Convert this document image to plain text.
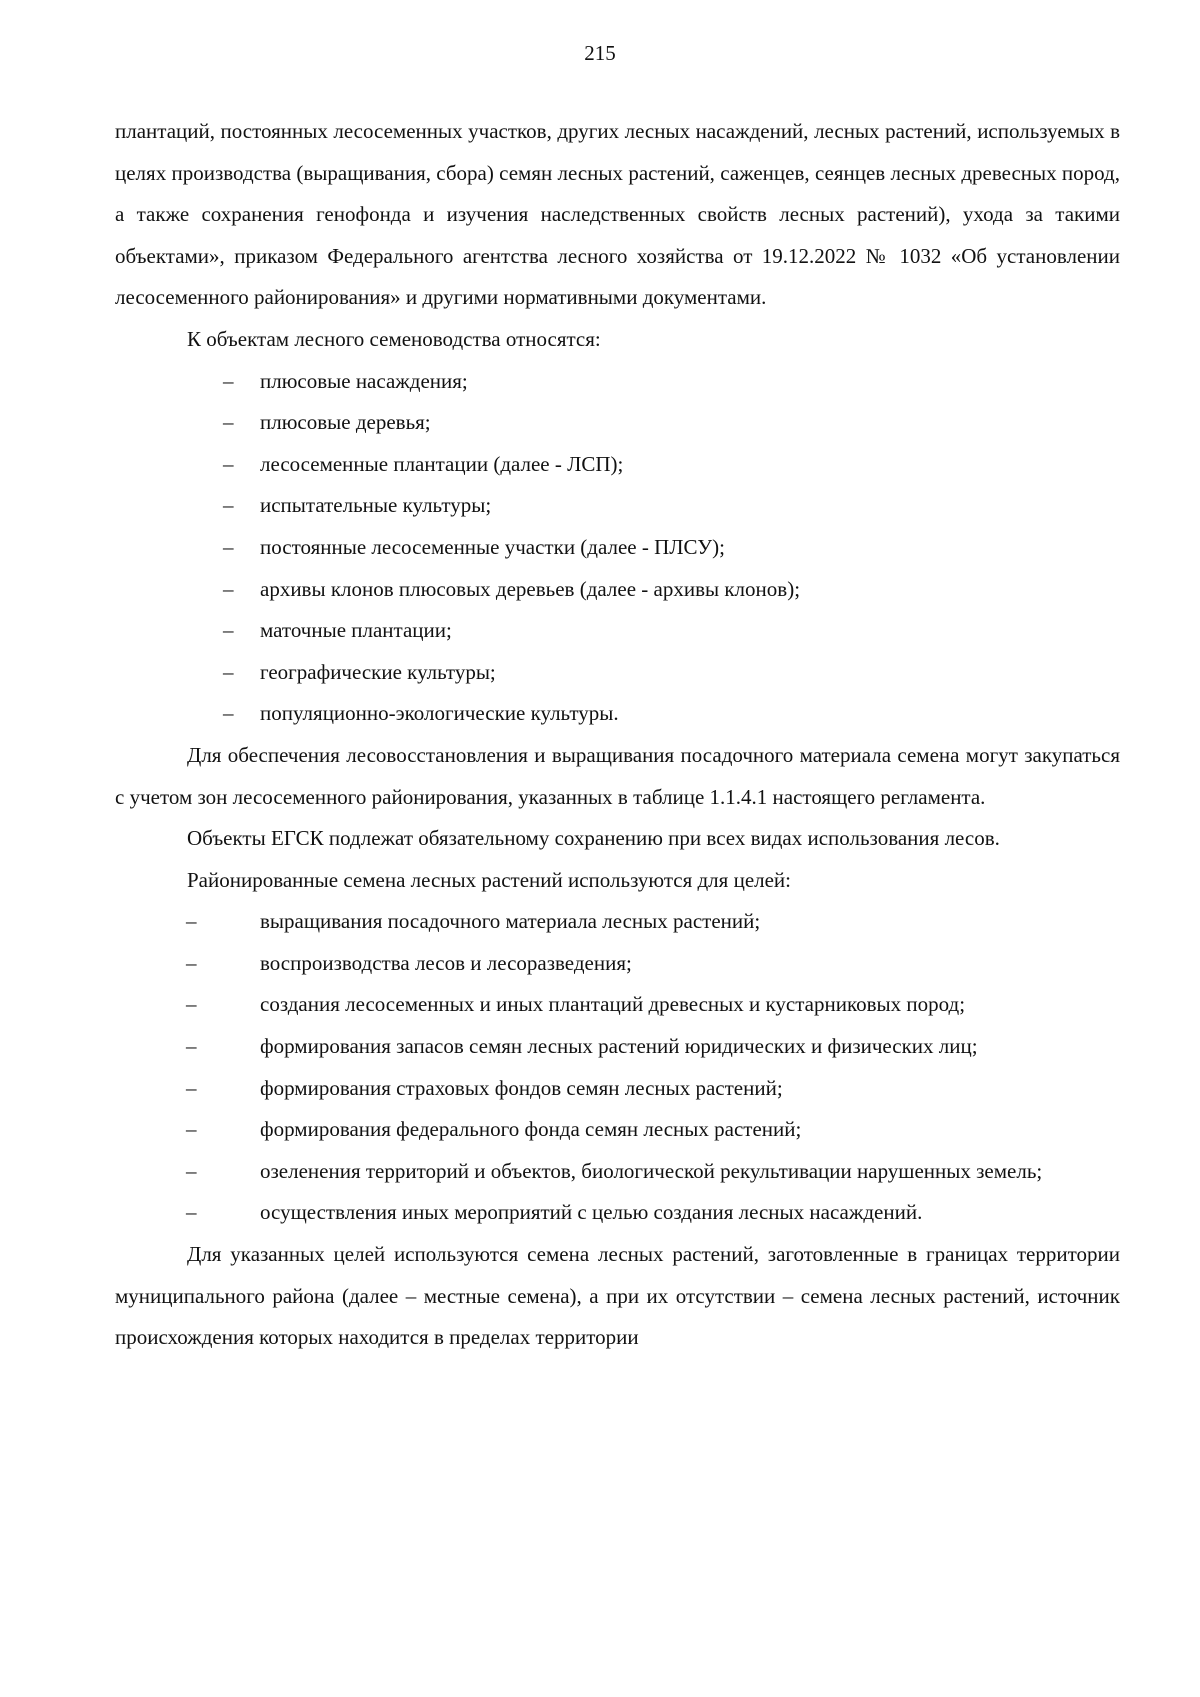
215

плантаций, постоянных лесосеменных участков, других лесных насаждений, лесных растений, используемых в целях производства (выращивания, сбора) семян лесных растений, саженцев, сеянцев лесных древесных пород, а также сохранения генофонда и изучения наследственных свойств лесных растений), ухода за такими объектами», приказом Федерального агентства лесного хозяйства от 19.12.2022 № 1032 «Об установлении лесосеменного районирования» и другими нормативными документами.

К объектам лесного семеноводства относятся:

– плюсовые насаждения;
– плюсовые деревья;
– лесосеменные плантации (далее - ЛСП);
– испытательные культуры;
– постоянные лесосеменные участки (далее - ПЛСУ);
– архивы клонов плюсовых деревьев (далее - архивы клонов);
– маточные плантации;
– географические культуры;
– популяционно-экологические культуры.

Для обеспечения лесовосстановления и выращивания посадочного материала семена могут закупаться с учетом зон лесосеменного районирования, указанных в таблице 1.1.4.1 настоящего регламента.

Объекты ЕГСК подлежат обязательному сохранению при всех видах использования лесов.

Районированные семена лесных растений используются для целей:

–	выращивания посадочного материала лесных растений;
–	воспроизводства лесов и лесоразведения;
–	создания лесосеменных и иных плантаций древесных и кустарниковых пород;
–	формирования запасов семян лесных растений юридических и физических лиц;
–	формирования страховых фондов семян лесных растений;
–	формирования федерального фонда семян лесных растений;
–	озеленения территорий и объектов, биологической рекультивации нарушенных земель;
–	осуществления иных мероприятий с целью создания лесных насаждений.

Для указанных целей используются семена лесных растений, заготовленные в границах территории муниципального района (далее – местные семена), а при их отсутствии – семена лесных растений, источник происхождения которых находится в пределах территории
